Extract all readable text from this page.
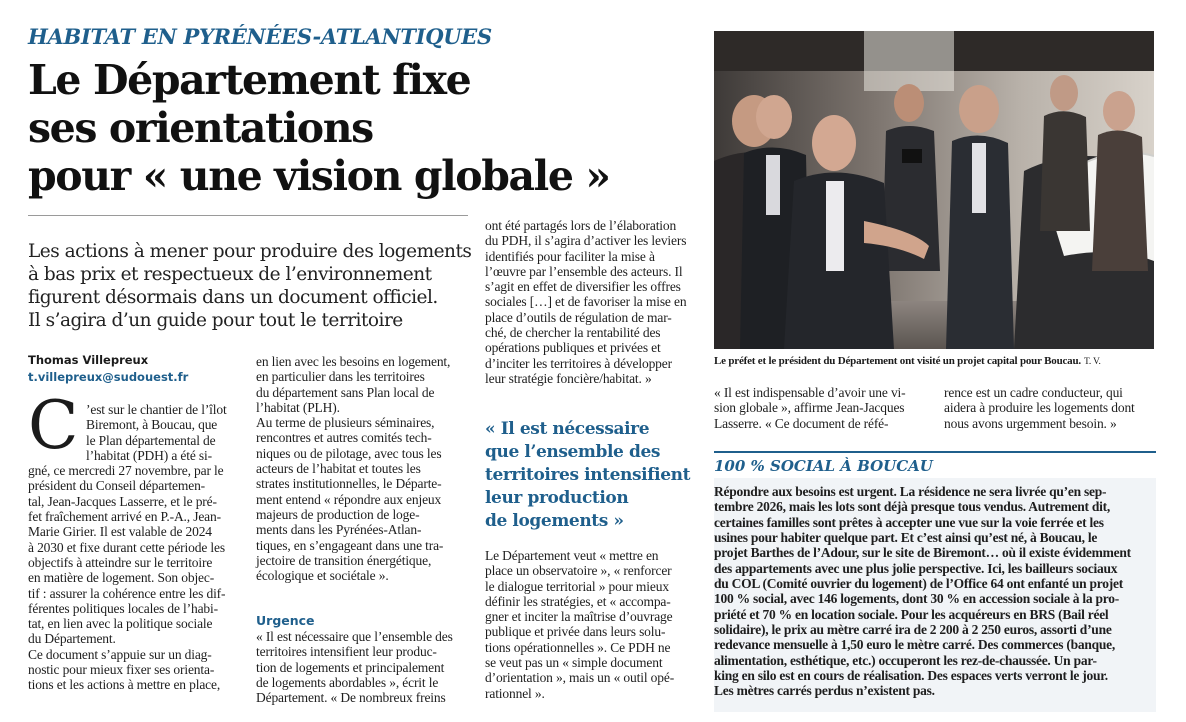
HABITAT EN PYRÉNÉES-ATLANTIQUES
Le Département fixe
ses orientations
pour « une vision globale »
Les actions à mener pour produire des logements
à bas prix et respectueux de l’environnement
figurent désormais dans un document officiel.
Il s’agira d’un guide pour tout le territoire
Thomas Villepreux
t.villepreux@sudouest.fr
C ’est sur le chantier de l’îlot
Biremont, à Boucau, que
le Plan départemental de
l’habitat (PDH) a été si-
gné, ce mercredi 27 novembre, par le
président du Conseil départemen-
tal, Jean-Jacques Lasserre, et le pré-
fet fraîchement arrivé en P.-A., Jean-
Marie Girier. Il est valable de 2024
à 2030 et fixe durant cette période les
objectifs à atteindre sur le territoire
en matière de logement. Son objec-
tif : assurer la cohérence entre les dif-
férentes politiques locales de l’habi-
tat, en lien avec la politique sociale
du Département.
Ce document s’appuie sur un diag-
nostic pour mieux fixer ses orienta-
tions et les actions à mettre en place,
en lien avec les besoins en logement,
en particulier dans les territoires
du département sans Plan local de
l’habitat (PLH).
Au terme de plusieurs séminaires,
rencontres et autres comités tech-
niques ou de pilotage, avec tous les
acteurs de l’habitat et toutes les
strates institutionnelles, le Départe-
ment entend « répondre aux enjeux
majeurs de production de loge-
ments dans les Pyrénées-Atlan-
tiques, en s’engageant dans une tra-
jectoire de transition énergétique,
écologique et sociétale ».
Urgence
« Il est nécessaire que l’ensemble des
territoires intensifient leur produc-
tion de logements et principalement
de logements abordables », écrit le
Département. « De nombreux freins
ont été partagés lors de l’élaboration
du PDH, il s’agira d’activer les leviers
identifiés pour faciliter la mise à
l’œuvre par l’ensemble des acteurs. Il
s’agit en effet de diversifier les offres
sociales […] et de favoriser la mise en
place d’outils de régulation de mar-
ché, de chercher la rentabilité des
opérations publiques et privées et
d’inciter les territoires à développer
leur stratégie foncière/habitat. »
« Il est nécessaire
que l’ensemble des
territoires intensifient
leur production
de logements »
Le Département veut « mettre en
place un observatoire », « renforcer
le dialogue territorial » pour mieux
définir les stratégies, et « accompa-
gner et inciter la maîtrise d’ouvrage
publique et privée dans leurs solu-
tions opérationnelles ». Ce PDH ne
se veut pas un « simple document
d’orientation », mais un « outil opé-
rationnel ».
Le préfet et le président du Département ont visité un projet capital pour Boucau. T. V.
« Il est indispensable d’avoir une vi-
sion globale », affirme Jean-Jacques
Lasserre. « Ce document de réfé-
rence est un cadre conducteur, qui
aidera à produire les logements dont
nous avons urgemment besoin. »
100 % SOCIAL À BOUCAU
Répondre aux besoins est urgent. La résidence ne sera livrée qu’en sep-
tembre 2026, mais les lots sont déjà presque tous vendus. Autrement dit,
certaines familles sont prêtes à accepter une vue sur la voie ferrée et les
usines pour habiter quelque part. Et c’est ainsi qu’est né, à Boucau, le
projet Barthes de l’Adour, sur le site de Biremont… où il existe évidemment
des appartements avec une plus jolie perspective. Ici, les bailleurs sociaux
du COL (Comité ouvrier du logement) de l’Office 64 ont enfanté un projet
100 % social, avec 146 logements, dont 30 % en accession sociale à la pro-
priété et 70 % en location sociale. Pour les acquéreurs en BRS (Bail réel
solidaire), le prix au mètre carré ira de 2 200 à 2 250 euros, assorti d’une
redevance mensuelle à 1,50 euro le mètre carré. Des commerces (banque,
alimentation, esthétique, etc.) occuperont les rez-de-chaussée. Un par-
king en silo est en cours de réalisation. Des espaces verts verront le jour.
Les mètres carrés perdus n’existent pas.
